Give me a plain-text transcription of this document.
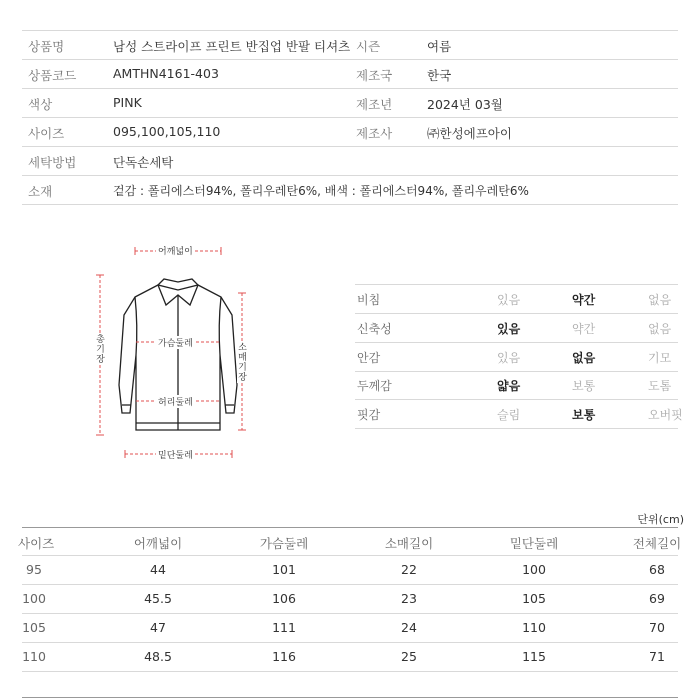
상품명	남성 스트라이프 프린트 반집업 반팔 티셔츠 시즌	여름
상품코드	AMTHN4161-403	제조국	한국
색상	PINK	제조년	2024년 03월
사이즈	095,100,105,110	제조사	㈜한성에프아이
세탁방법	단독손세탁
소재	겉감 : 폴리에스터94%, 폴리우레탄6%, 배색 : 폴리에스터94%, 폴리우레탄6%
어깨넓이
가슴둘레
허리둘레
밑단둘레
총기장
소매기장
비침	있음	약간	없음
신축성	있음	약간	없음
안감	있음	없음	기모
두께감	얇음	보통	도톰
핏감	슬림	보통	오버핏
단위(cm)
사이즈	어깨넓이	가슴둘레	소매길이	밑단둘레	전체길이
95	44	101	22	100	68
100	45.5	106	23	105	69
105	47	111	24	110	70
110	48.5	116	25	115	71
